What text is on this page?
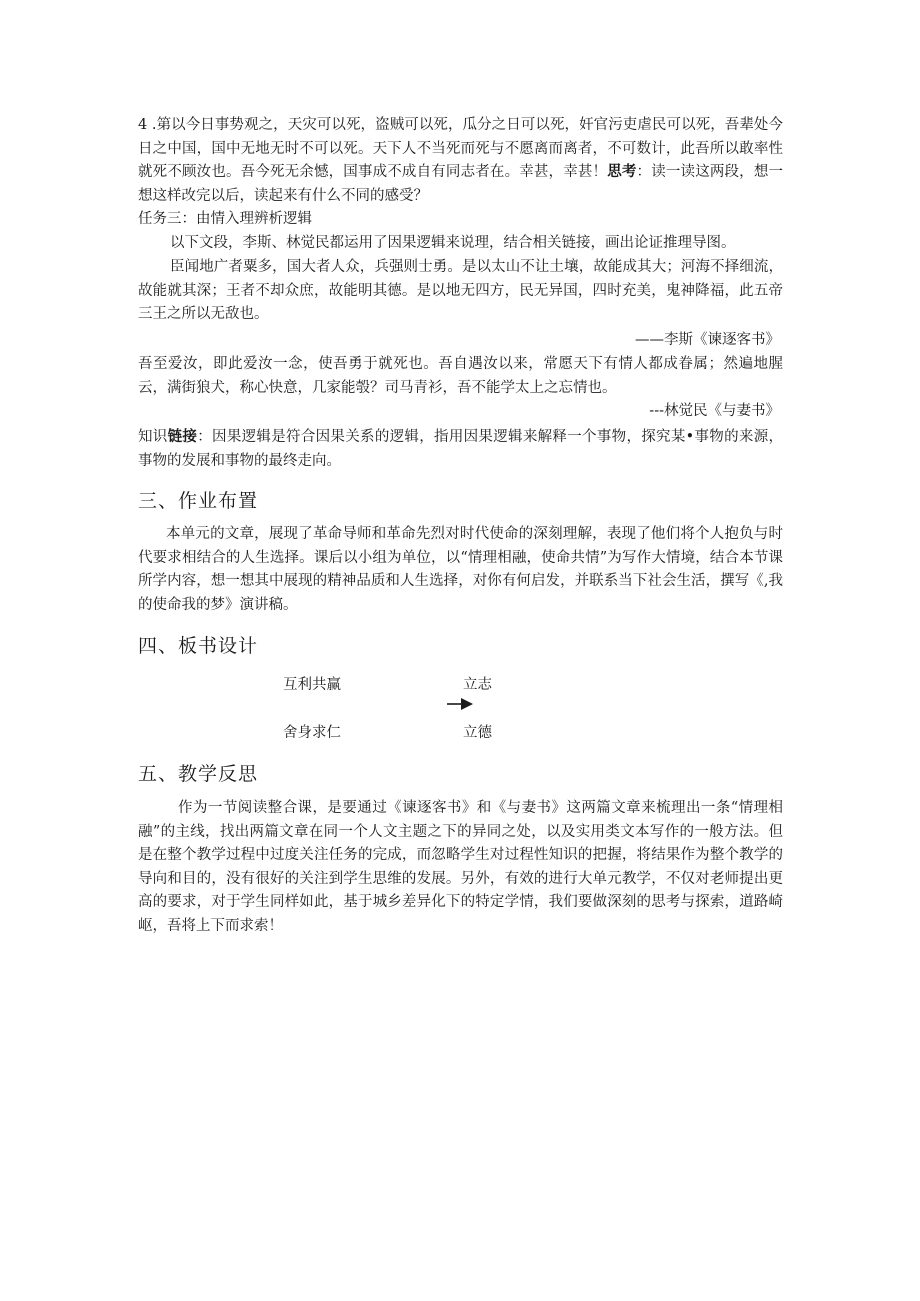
4 .第以今日事势观之，天灾可以死，盗贼可以死，瓜分之日可以死，奸官污吏虐民可以死，吾辈处今日之中国，国中无地无时不可以死。天下人不当死而死与不愿离而离者，不可数计，此吾所以敢率性就死不顾汝也。吾今死无余憾，国事成不成自有同志者在。幸甚，幸甚！思考：读一读这两段，想一想这样改完以后，读起来有什么不同的感受？

任务三：由情入理辨析逻辑

以下文段，李斯、林觉民都运用了因果逻辑来说理，结合相关链接，画出论证推理导图。

臣闻地广者粟多，国大者人众，兵强则士勇。是以太山不让土壤，故能成其大；河海不择细流，故能就其深；王者不却众庶，故能明其德。是以地无四方，民无异国，四时充美，鬼神降福，此五帝三王之所以无敌也。

——李斯《谏逐客书》

吾至爱汝，即此爱汝一念，使吾勇于就死也。吾自遇汝以来，常愿天下有情人都成眷属；然遍地腥云，满街狼犬，称心快意，几家能彀？司马青衫，吾不能学太上之忘情也。

---林觉民《与妻书》

知识链接：因果逻辑是符合因果关系的逻辑，指用因果逻辑来解释一个事物，探究某•事物的来源，事物的发展和事物的最终走向。

三、作业布置

本单元的文章，展现了革命导师和革命先烈对时代使命的深刻理解，表现了他们将个人抱负与时代要求相结合的人生选择。课后以小组为单位，以“情理相融，使命共情”为写作大情境，结合本节课所学内容，想一想其中展现的精神品质和人生选择，对你有何启发，并联系当下社会生活，撰写《,我的使命我的梦》演讲稿。

四、板书设计

互利共赢	立志

舍身求仁	立德

五、教学反思

作为一节阅读整合课，是要通过《谏逐客书》和《与妻书》这两篇文章来梳理出一条“情理相融”的主线，找出两篇文章在同一个人文主题之下的异同之处，以及实用类文本写作的一般方法。但是在整个教学过程中过度关注任务的完成，而忽略学生对过程性知识的把握，将结果作为整个教学的导向和目的，没有很好的关注到学生思维的发展。另外，有效的进行大单元教学，不仅对老师提出更高的要求，对于学生同样如此，基于城乡差异化下的特定学情，我们要做深刻的思考与探索，道路崎岖，吾将上下而求索！
